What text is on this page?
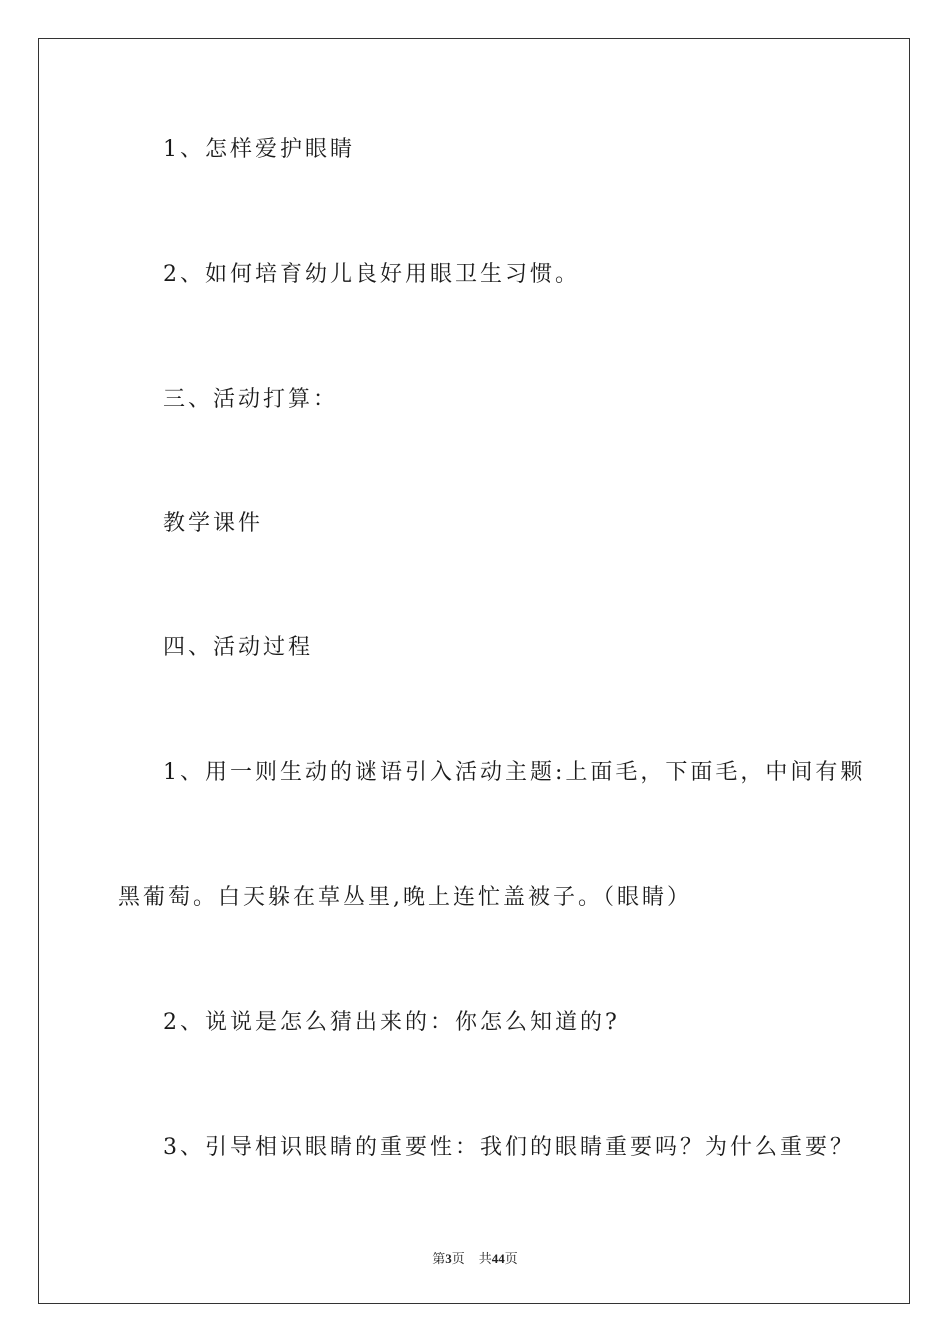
1、怎样爱护眼睛
2、如何培育幼儿良好用眼卫生习惯。
三、活动打算：
教学课件
四、活动过程
1、用一则生动的谜语引入活动主题:上面毛，下面毛，中间有颗
黑葡萄。白天躲在草丛里,晚上连忙盖被子。（眼睛）
2、说说是怎么猜出来的：你怎么知道的?
3、引导相识眼睛的重要性：我们的眼睛重要吗？为什么重要？
第3页 共44页
